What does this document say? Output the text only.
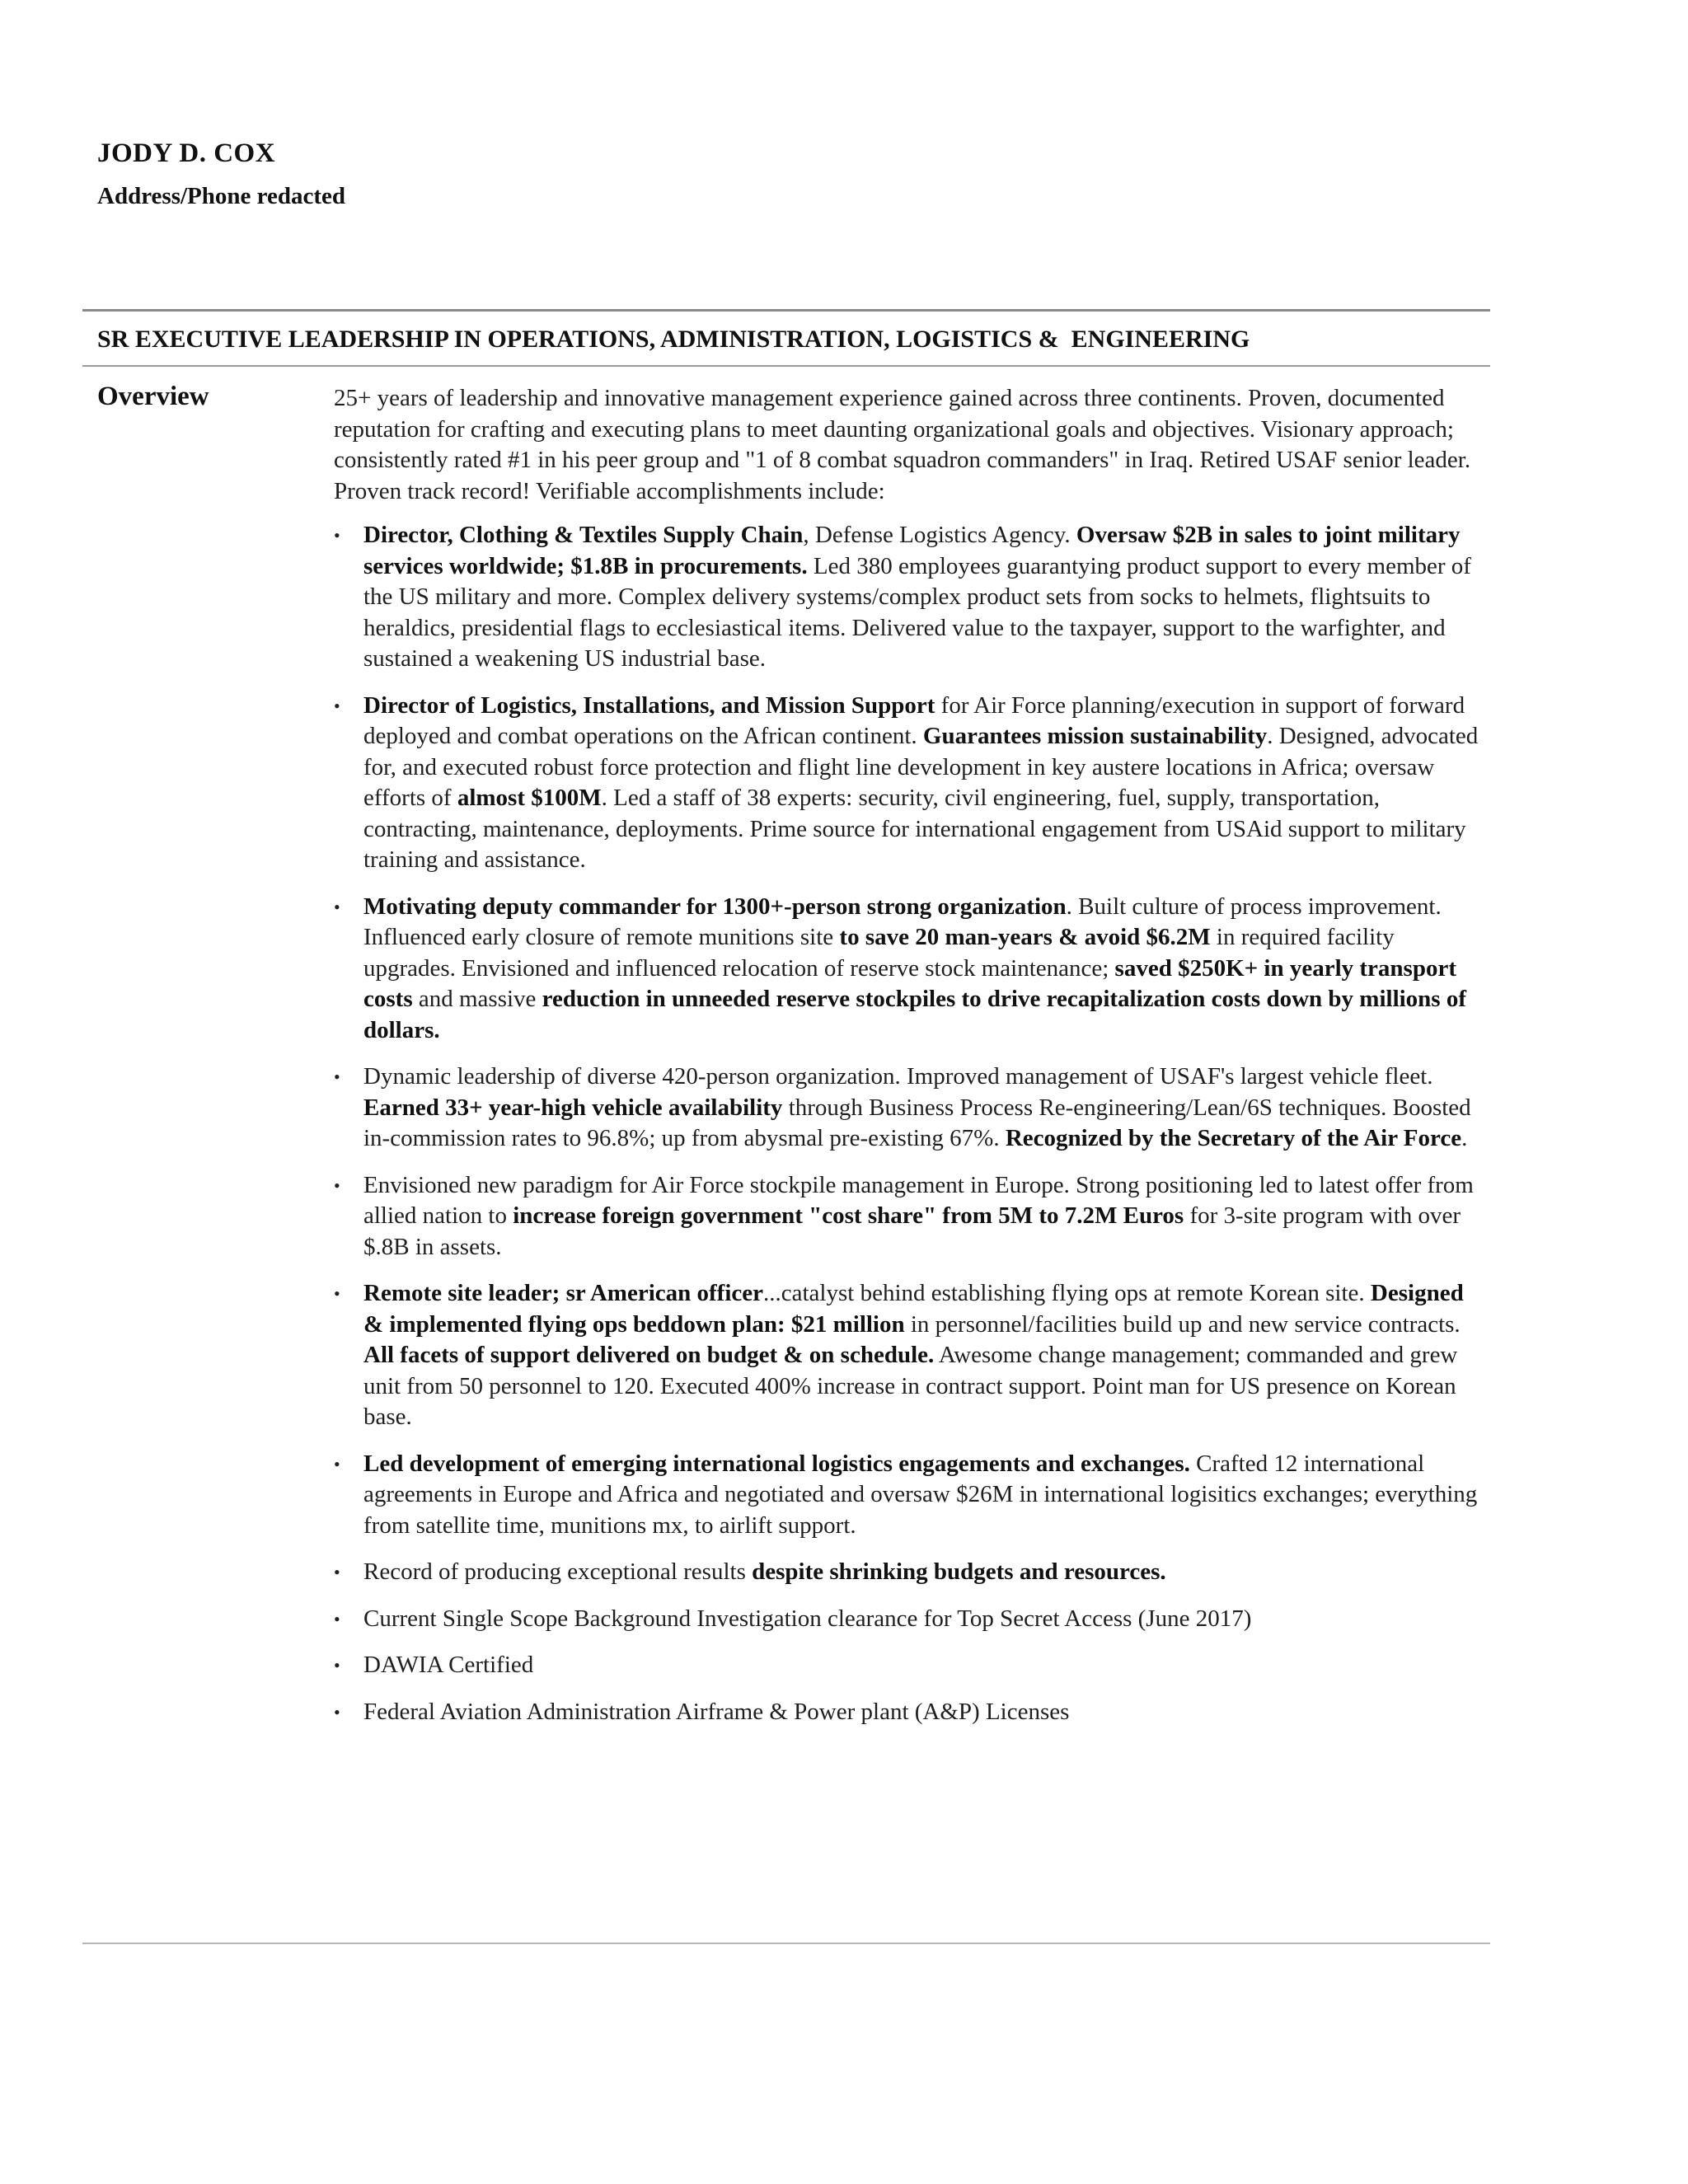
JODY D. COX
Address/Phone redacted
SR EXECUTIVE LEADERSHIP IN OPERATIONS, ADMINISTRATION, LOGISTICS &  ENGINEERING
Overview	25+ years of leadership and innovative management experience gained across three continents. Proven, documented reputation for crafting and executing plans to meet daunting organizational goals and objectives. Visionary approach; consistently rated #1 in his peer group and "1 of 8 combat squadron commanders" in Iraq. Retired USAF senior leader. Proven track record! Verifiable accomplishments include:

• Director, Clothing & Textiles Supply Chain, Defense Logistics Agency. Oversaw $2B in sales to joint military services worldwide; $1.8B in procurements. Led 380 employees guarantying product support to every member of the US military and more. Complex delivery systems/complex product sets from socks to helmets, flightsuits to heraldics, presidential flags to ecclesiastical items. Delivered value to the taxpayer, support to the warfighter, and sustained a weakening US industrial base.
• Director of Logistics, Installations, and Mission Support for Air Force planning/execution in support of forward deployed and combat operations on the African continent. Guarantees mission sustainability. Designed, advocated for, and executed robust force protection and flight line development in key austere locations in Africa; oversaw efforts of almost $100M. Led a staff of 38 experts: security, civil engineering, fuel, supply, transportation, contracting, maintenance, deployments. Prime source for international engagement from USAid support to military training and assistance.
• Motivating deputy commander for 1300+-person strong organization. Built culture of process improvement. Influenced early closure of remote munitions site to save 20 man-years & avoid $6.2M in required facility upgrades. Envisioned and influenced relocation of reserve stock maintenance; saved $250K+ in yearly transport costs and massive reduction in unneeded reserve stockpiles to drive recapitalization costs down by millions of dollars.
• Dynamic leadership of diverse 420-person organization. Improved management of USAF's largest vehicle fleet. Earned 33+ year-high vehicle availability through Business Process Re-engineering/Lean/6S techniques. Boosted in-commission rates to 96.8%; up from abysmal pre-existing 67%. Recognized by the Secretary of the Air Force.
• Envisioned new paradigm for Air Force stockpile management in Europe. Strong positioning led to latest offer from allied nation to increase foreign government "cost share" from 5M to 7.2M Euros for 3-site program with over $.8B in assets.
• Remote site leader; sr American officer...catalyst behind establishing flying ops at remote Korean site. Designed & implemented flying ops beddown plan: $21 million in personnel/facilities build up and new service contracts. All facets of support delivered on budget & on schedule. Awesome change management; commanded and grew unit from 50 personnel to 120. Executed 400% increase in contract support. Point man for US presence on Korean base.
• Led development of emerging international logistics engagements and exchanges. Crafted 12 international agreements in Europe and Africa and negotiated and oversaw $26M in international logisitics exchanges; everything from satellite time, munitions mx, to airlift support.
• Record of producing exceptional results despite shrinking budgets and resources.
• Current Single Scope Background Investigation clearance for Top Secret Access (June 2017)
• DAWIA Certified
• Federal Aviation Administration Airframe & Power plant (A&P) Licenses
